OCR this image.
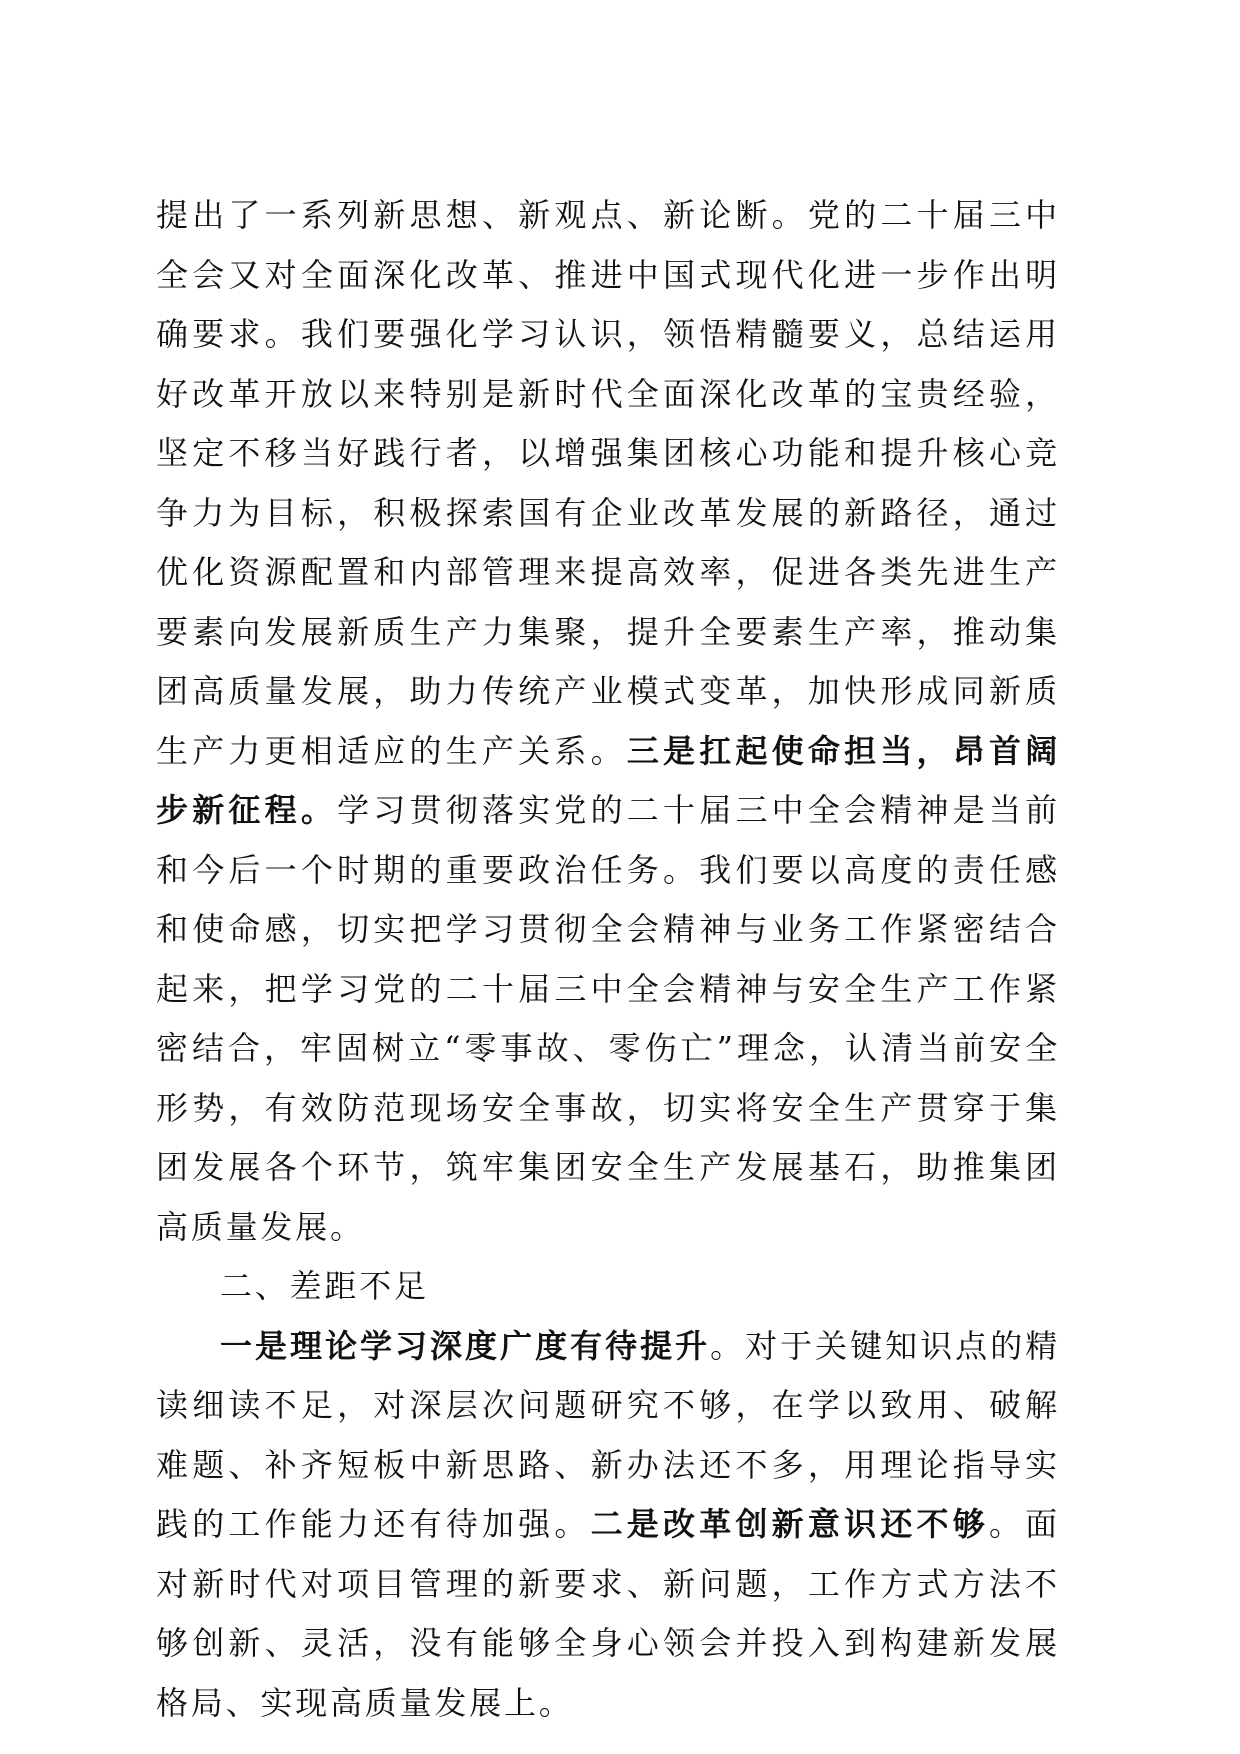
提出了一系列新思想、新观点、新论断。党的二十届三中全会又对全面深化改革、推进中国式现代化进一步作出明确要求。我们要强化学习认识，领悟精髓要义，总结运用好改革开放以来特别是新时代全面深化改革的宝贵经验，坚定不移当好践行者，以增强集团核心功能和提升核心竞争力为目标，积极探索国有企业改革发展的新路径，通过优化资源配置和内部管理来提高效率，促进各类先进生产要素向发展新质生产力集聚，提升全要素生产率，推动集团高质量发展，助力传统产业模式变革，加快形成同新质生产力更相适应的生产关系。三是扛起使命担当，昂首阔步新征程。学习贯彻落实党的二十届三中全会精神是当前和今后一个时期的重要政治任务。我们要以高度的责任感和使命感，切实把学习贯彻全会精神与业务工作紧密结合起来，把学习党的二十届三中全会精神与安全生产工作紧密结合，牢固树立“零事故、零伤亡”理念，认清当前安全形势，有效防范现场安全事故，切实将安全生产贯穿于集团发展各个环节，筑牢集团安全生产发展基石，助推集团高质量发展。

二、差距不足

一是理论学习深度广度有待提升。对于关键知识点的精读细读不足，对深层次问题研究不够，在学以致用、破解难题、补齐短板中新思路、新办法还不多，用理论指导实践的工作能力还有待加强。二是改革创新意识还不够。面对新时代对项目管理的新要求、新问题，工作方式方法不够创新、灵活，没有能够全身心领会并投入到构建新发展格局、实现高质量发展上。
